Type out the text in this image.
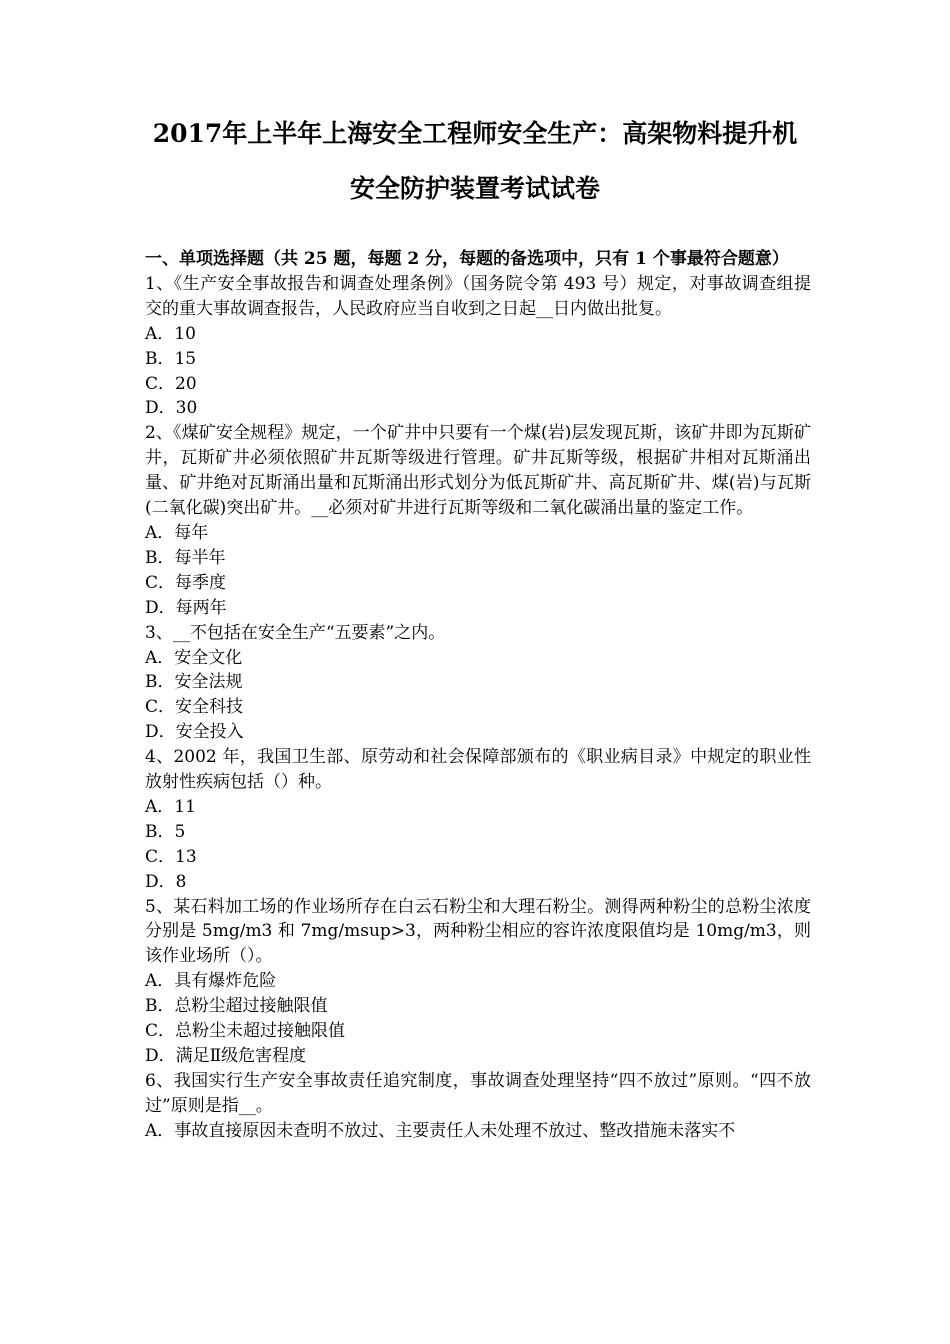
2017年上半年上海安全工程师安全生产：高架物料提升机
安全防护装置考试试卷

一、单项选择题（共 25 题，每题 2 分，每题的备选项中，只有 1 个事最符合题意）

1、《生产安全事故报告和调查处理条例》（国务院令第 493 号）规定，对事故调查组提交的重大事故调查报告，人民政府应当自收到之日起__日内做出批复。

A．10

B．15

C．20

D．30

2、《煤矿安全规程》规定，一个矿井中只要有一个煤(岩)层发现瓦斯，该矿井即为瓦斯矿井，瓦斯矿井必须依照矿井瓦斯等级进行管理。矿井瓦斯等级，根据矿井相对瓦斯涌出量、矿井绝对瓦斯涌出量和瓦斯涌出形式划分为低瓦斯矿井、高瓦斯矿井、煤(岩)与瓦斯(二氧化碳)突出矿井。__必须对矿井进行瓦斯等级和二氧化碳涌出量的鉴定工作。

A．每年

B．每半年

C．每季度

D．每两年

3、__不包括在安全生产“五要素”之内。

A．安全文化

B．安全法规

C．安全科技

D．安全投入

4、2002 年，我国卫生部、原劳动和社会保障部颁布的《职业病目录》中规定的职业性放射性疾病包括（）种。

A．11

B．5

C．13

D．8

5、某石料加工场的作业场所存在白云石粉尘和大理石粉尘。测得两种粉尘的总粉尘浓度分别是 5mg/m3 和 7mg/msup>3，两种粉尘相应的容许浓度限值均是 10mg/m3，则该作业场所（）。

A．具有爆炸危险

B．总粉尘超过接触限值

C．总粉尘未超过接触限值

D．满足Ⅱ级危害程度

6、我国实行生产安全事故责任追究制度，事故调查处理坚持“四不放过”原则。“四不放过”原则是指__。

A．事故直接原因未查明不放过、主要责任人未处理不放过、整改措施未落实不
